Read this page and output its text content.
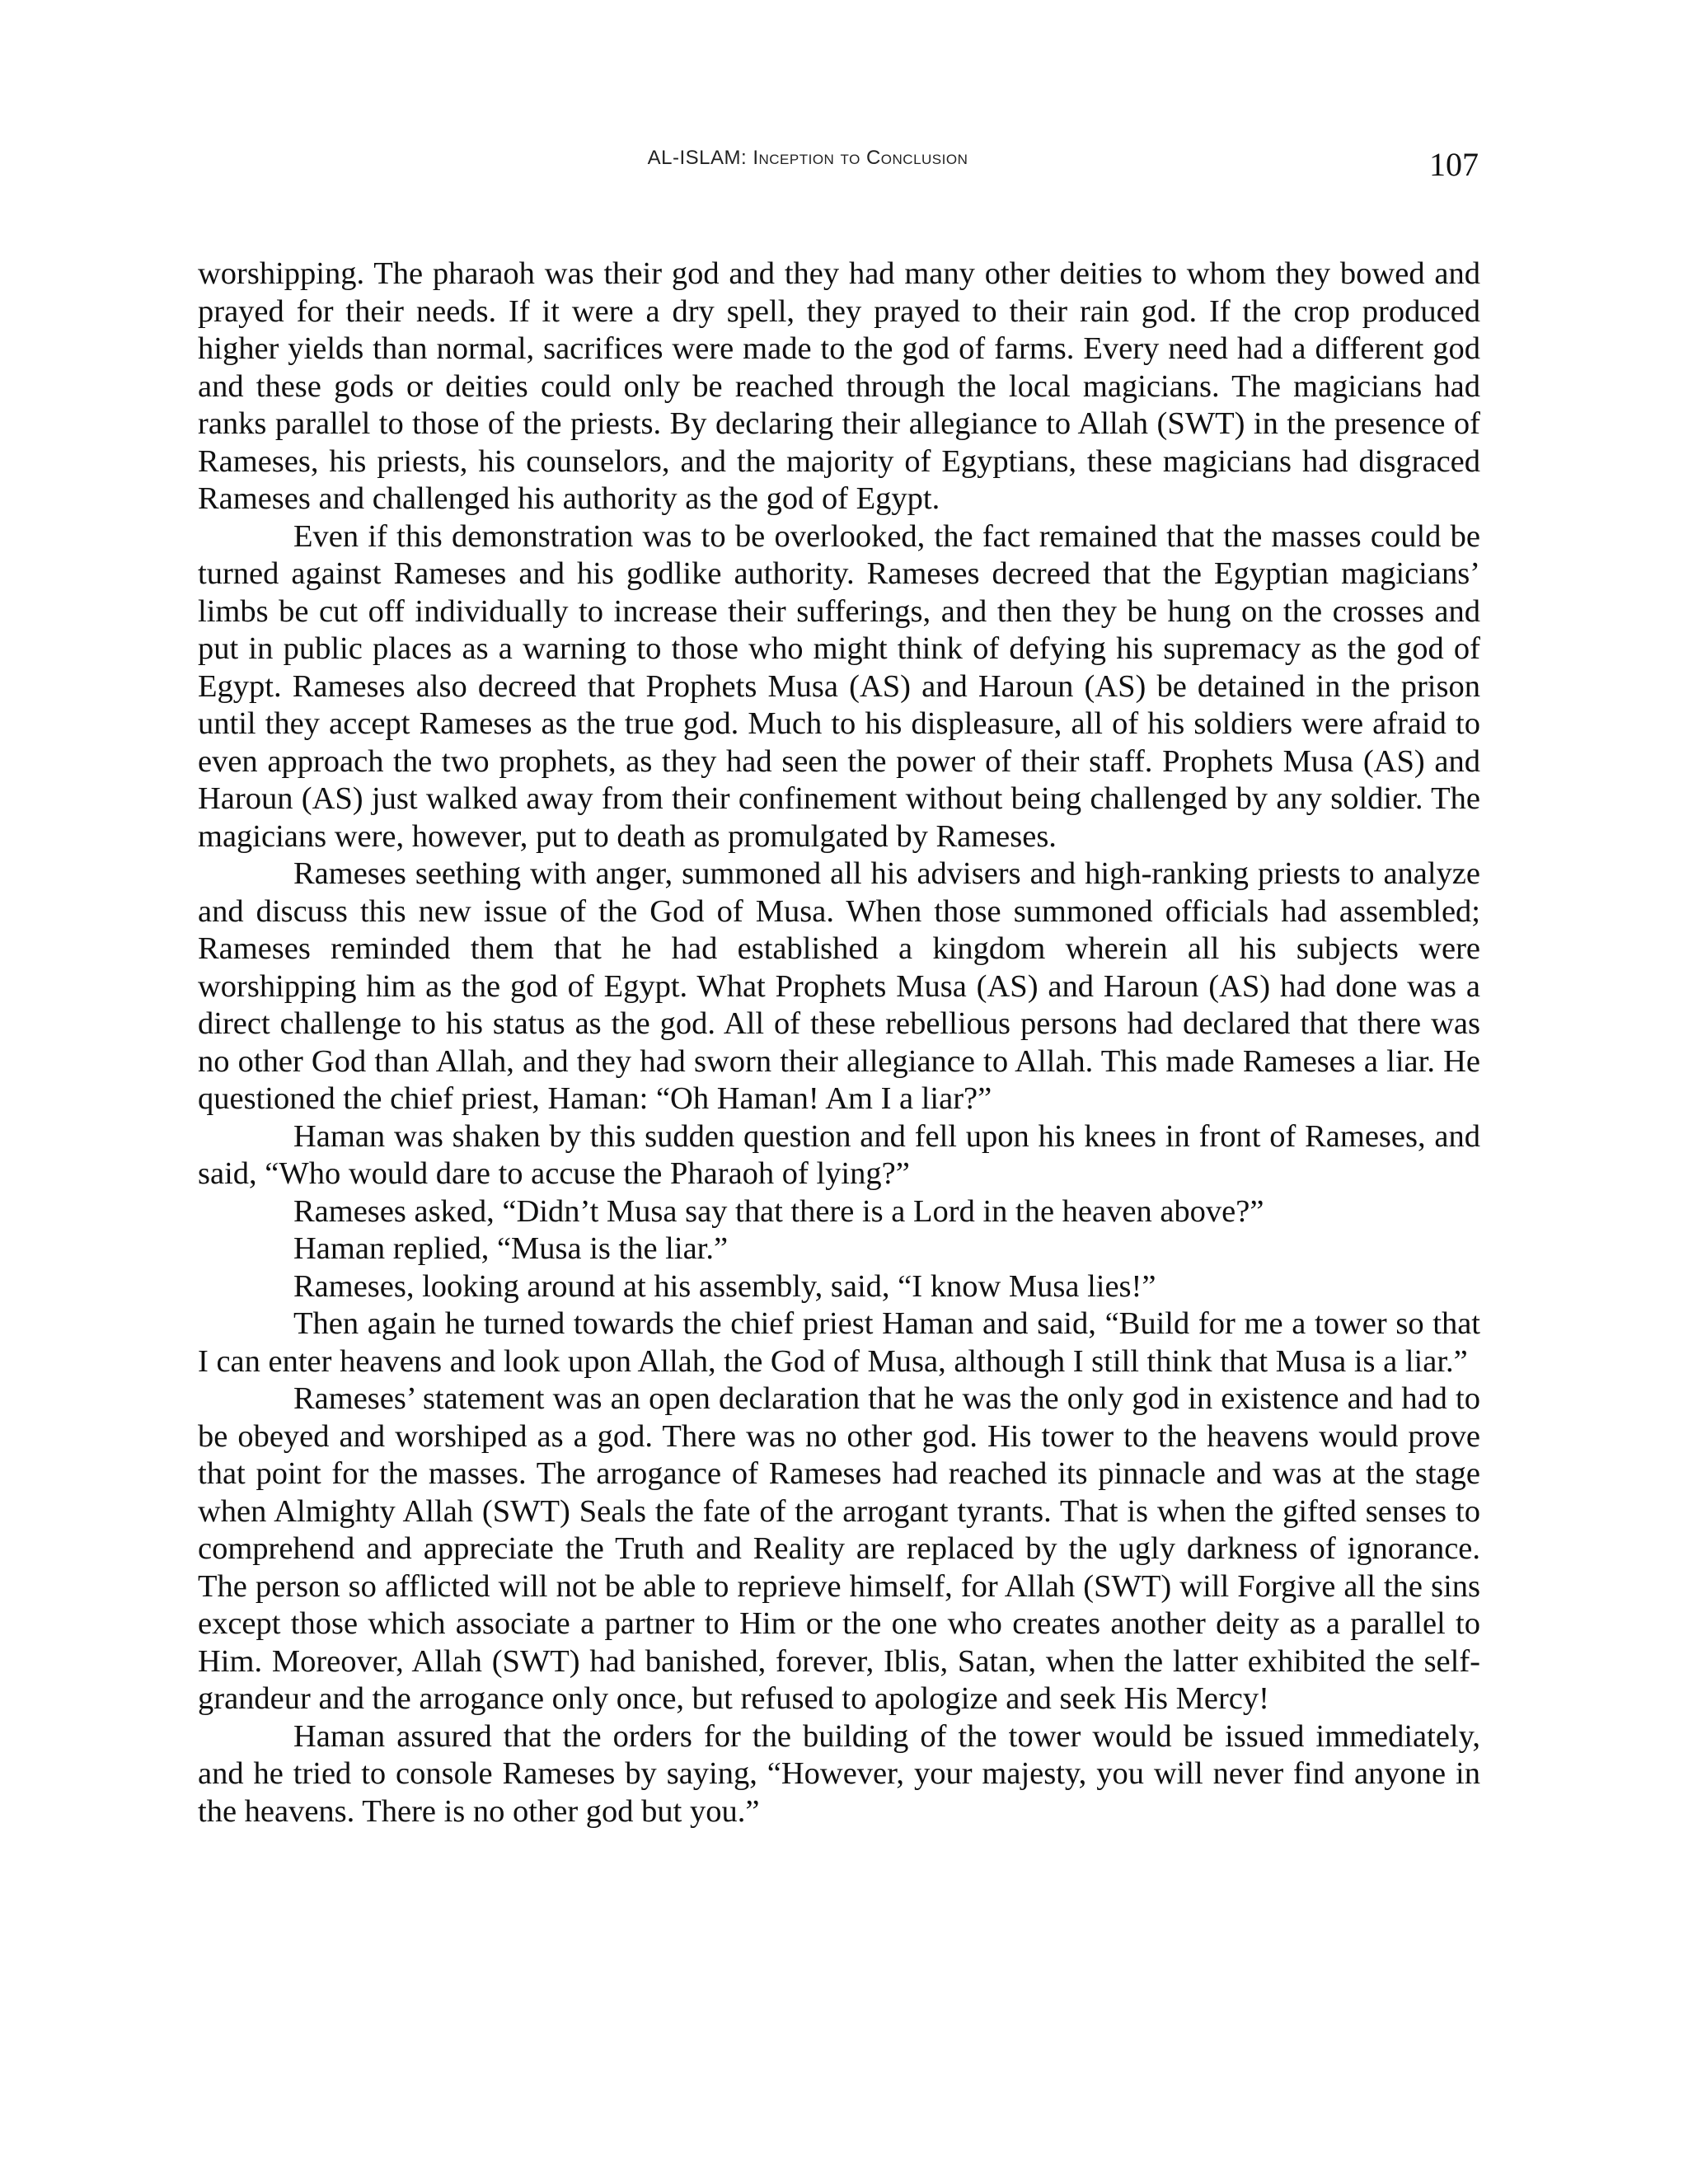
AL-ISLAM: Inception to Conclusion	107

worshipping. The pharaoh was their god and they had many other deities to whom they bowed and prayed for their needs. If it were a dry spell, they prayed to their rain god. If the crop produced higher yields than normal, sacrifices were made to the god of farms. Every need had a different god and these gods or deities could only be reached through the local magicians. The magicians had ranks parallel to those of the priests. By declaring their allegiance to Allah (SWT) in the presence of Rameses, his priests, his counselors, and the majority of Egyptians, these magicians had disgraced Rameses and challenged his authority as the god of Egypt.

Even if this demonstration was to be overlooked, the fact remained that the masses could be turned against Rameses and his godlike authority. Rameses decreed that the Egyptian magicians’ limbs be cut off individually to increase their sufferings, and then they be hung on the crosses and put in public places as a warning to those who might think of defying his supremacy as the god of Egypt. Rameses also decreed that Prophets Musa (AS) and Haroun (AS) be detained in the prison until they accept Rameses as the true god. Much to his displeasure, all of his soldiers were afraid to even approach the two prophets, as they had seen the power of their staff. Prophets Musa (AS) and Haroun (AS) just walked away from their confinement without being challenged by any soldier. The magicians were, however, put to death as promulgated by Rameses.

Rameses seething with anger, summoned all his advisers and high-ranking priests to analyze and discuss this new issue of the God of Musa. When those summoned officials had assembled; Rameses reminded them that he had established a kingdom wherein all his subjects were worshipping him as the god of Egypt. What Prophets Musa (AS) and Haroun (AS) had done was a direct challenge to his status as the god. All of these rebellious persons had declared that there was no other God than Allah, and they had sworn their allegiance to Allah. This made Rameses a liar. He questioned the chief priest, Haman: “Oh Haman! Am I a liar?”

Haman was shaken by this sudden question and fell upon his knees in front of Rameses, and said, “Who would dare to accuse the Pharaoh of lying?”

Rameses asked, “Didn’t Musa say that there is a Lord in the heaven above?”

Haman replied, “Musa is the liar.”

Rameses, looking around at his assembly, said, “I know Musa lies!”

Then again he turned towards the chief priest Haman and said, “Build for me a tower so that I can enter heavens and look upon Allah, the God of Musa, although I still think that Musa is a liar.”

Rameses’ statement was an open declaration that he was the only god in existence and had to be obeyed and worshiped as a god. There was no other god. His tower to the heavens would prove that point for the masses. The arrogance of Rameses had reached its pinnacle and was at the stage when Almighty Allah (SWT) Seals the fate of the arrogant tyrants. That is when the gifted senses to comprehend and appreciate the Truth and Reality are replaced by the ugly darkness of ignorance. The person so afflicted will not be able to reprieve himself, for Allah (SWT) will Forgive all the sins except those which associate a partner to Him or the one who creates another deity as a parallel to Him. Moreover, Allah (SWT) had banished, forever, Iblis, Satan, when the latter exhibited the self-grandeur and the arrogance only once, but refused to apologize and seek His Mercy!

Haman assured that the orders for the building of the tower would be issued immediately, and he tried to console Rameses by saying, “However, your majesty, you will never find anyone in the heavens. There is no other god but you.”
